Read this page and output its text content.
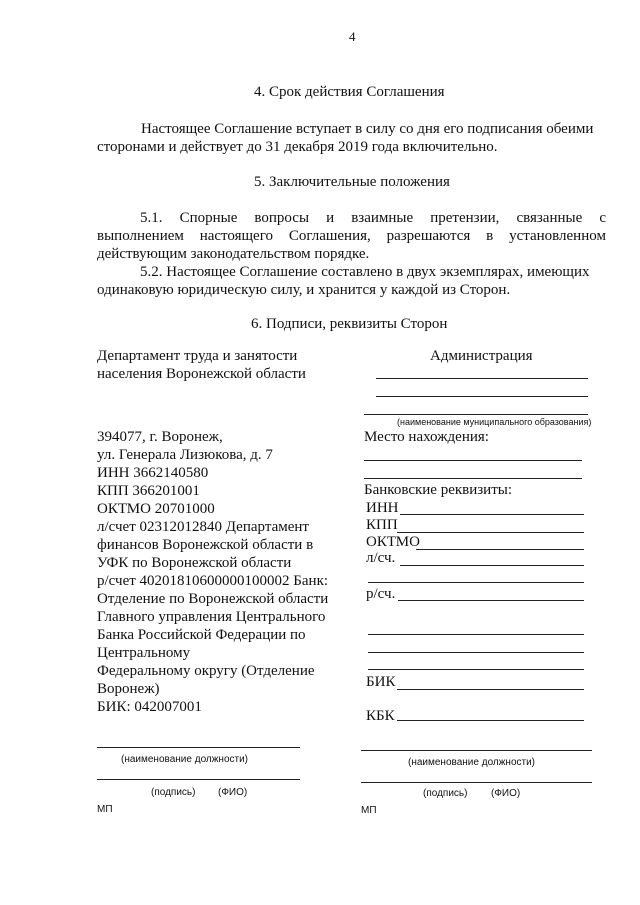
4
4. Срок действия Соглашения
Настоящее Соглашение вступает в силу со дня его подписания обеими
сторонами и действует до 31 декабря 2019 года включительно.
5. Заключительные положения
5.1. Спорные вопросы и взаимные претензии, связанные с
выполнением настоящего Соглашения, разрешаются в установленном
действующим законодательством порядке.
5.2. Настоящее Соглашение составлено в двух экземплярах, имеющих
одинаковую юридическую силу, и хранится у каждой из Сторон.
6. Подписи, реквизиты Сторон
Департамент труда и занятости
населения Воронежской области
394077, г. Воронеж,
ул. Генерала Лизюкова, д. 7
ИНН 3662140580
КПП 366201001
ОКТМО 20701000
л/счет 02312012840 Департамент
финансов Воронежской области в
УФК по Воронежской области
р/счет 40201810600000100002 Банк:
Отделение по Воронежской области
Главного управления Центрального
Банка Российской Федерации по
Центральному
Федеральному округу (Отделение
Воронеж)
БИК: 042007001
(наименование должности)
(подпись) (ФИО)
МП
Администрация
(наименование муниципального образования)
Место нахождения:
Банковские реквизиты:
ИНН
КПП
ОКТМО
л/сч.
р/сч.
БИК
КБК
(наименование должности)
(подпись) (ФИО)
МП
